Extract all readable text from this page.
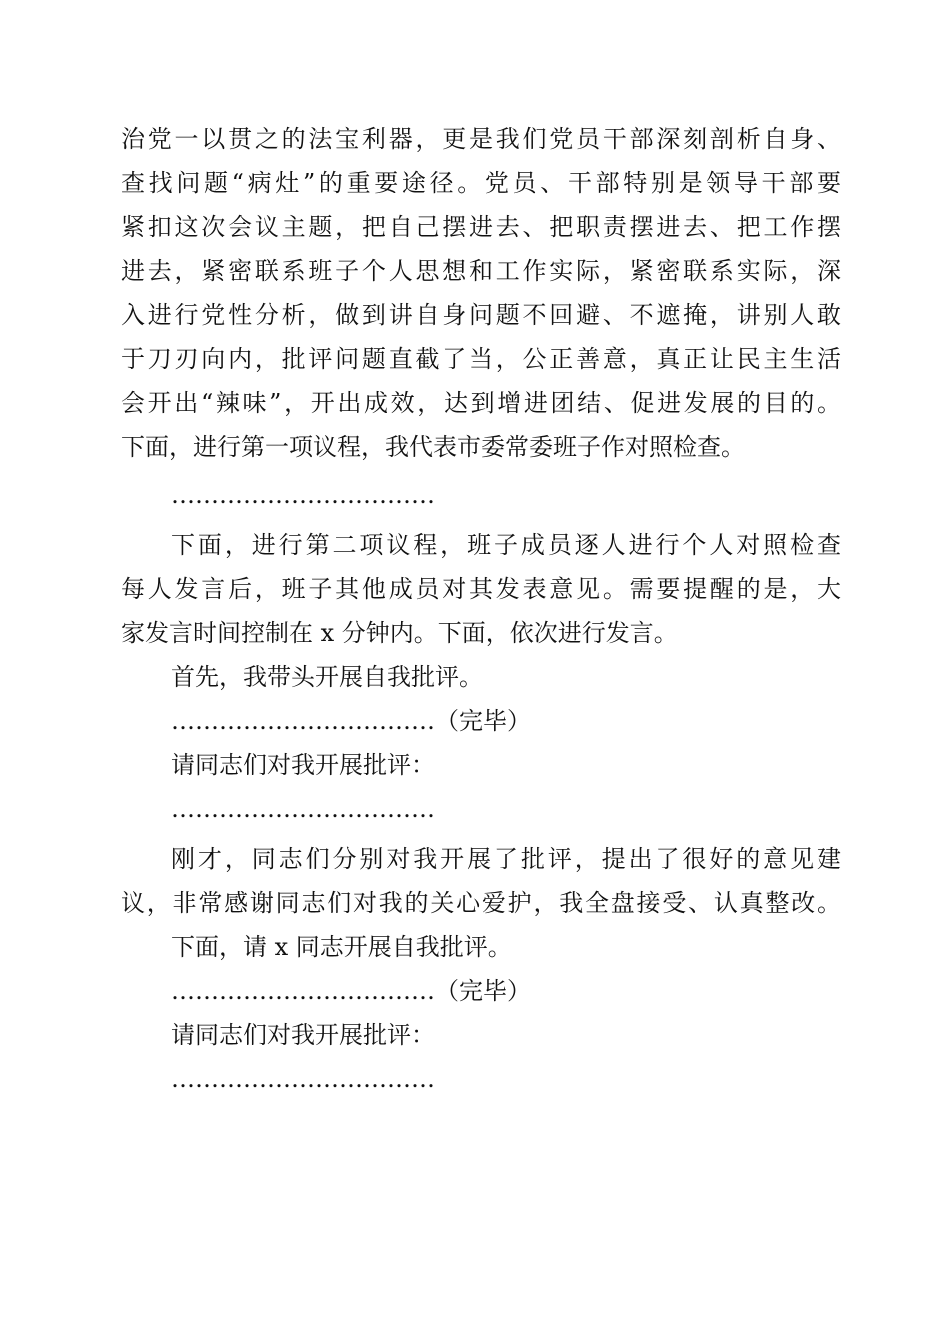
治党一以贯之的法宝利器，更是我们党员干部深刻剖析自身、
查找问题“病灶”的重要途径。党员、干部特别是领导干部要
紧扣这次会议主题，把自己摆进去、把职责摆进去、把工作摆
进去，紧密联系班子个人思想和工作实际，紧密联系实际，深
入进行党性分析，做到讲自身问题不回避、不遮掩，讲别人敢
于刀刃向内，批评问题直截了当，公正善意，真正让民主生活
会开出“辣味”，开出成效，达到增进团结、促进发展的目的。
下面，进行第一项议程，我代表市委常委班子作对照检查。
……………………………
下面，进行第二项议程，班子成员逐人进行个人对照检查
每人发言后，班子其他成员对其发表意见。需要提醒的是，大
家发言时间控制在 x 分钟内。下面，依次进行发言。
首先，我带头开展自我批评。
……………………………（完毕）
请同志们对我开展批评：
……………………………
刚才，同志们分别对我开展了批评，提出了很好的意见建
议，非常感谢同志们对我的关心爱护，我全盘接受、认真整改。
下面，请 x 同志开展自我批评。
……………………………（完毕）
请同志们对我开展批评：
……………………………
